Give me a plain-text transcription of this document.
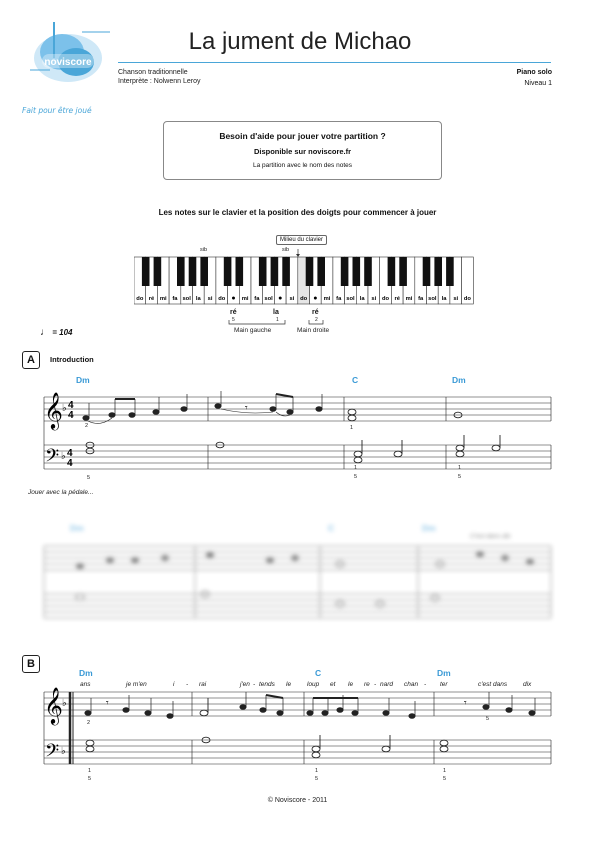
noviscore
Fait pour être joué
La jument de Michao
Chanson traditionnelle
Interprète : Nolwenn Leroy
Piano solo
Niveau 1
Besoin d'aide pour jouer votre partition ?
Disponible sur noviscore.fr
La partition avec le nom des notes
Les notes sur le clavier et la position des doigts pour commencer à jouer
Milieu du clavier
sib	sib
do ré mi fa sol la si do ● mi fa sol ● si do ● mi fa sol la si do ré mi fa sol la si do
ré	la
5	1
Main gauche
ré
2
Main droite
♩ = 104
A	Introduction
Dm	C	Dm
𝄞
𝄢
♭
♭
4
4
4
4
𝄾
2
5
1
5
1
5
1
Jouer avec la pédale...
Dm	C	Dm
C'est dans dix
B
Dm	C	Dm
ans	je m'en	i - rai	j'en - tends le loup et le re - nard chan - ter	c'est dans dix
𝄞
𝄢
♭
♭
𝄾	𝄾
2
5
1
5
1
5
1
5
© Noviscore - 2011
